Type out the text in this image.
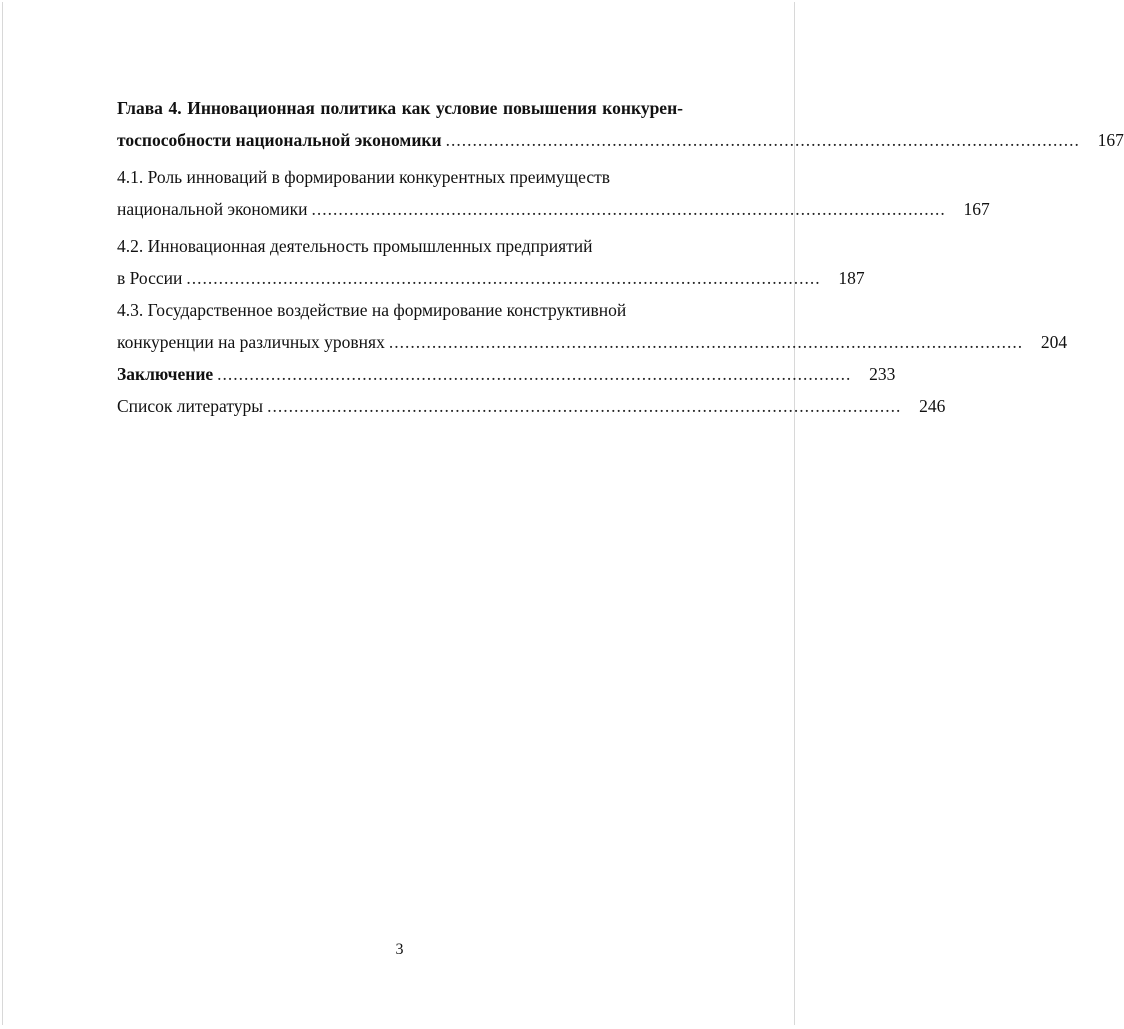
Глава 4. Инновационная политика как условие повышения конкурен-
тоспособности национальной экономики ......................................................................................................................	167
4.1. Роль инноваций в формировании конкурентных преимуществ
национальной экономики ......................................................................................................................	167
4.2. Инновационная деятельность промышленных предприятий
в России ......................................................................................................................	187
4.3. Государственное воздействие на формирование конструктивной
конкуренции на различных уровнях ......................................................................................................................	204
Заключение ......................................................................................................................	233
Список литературы ......................................................................................................................	246
3
